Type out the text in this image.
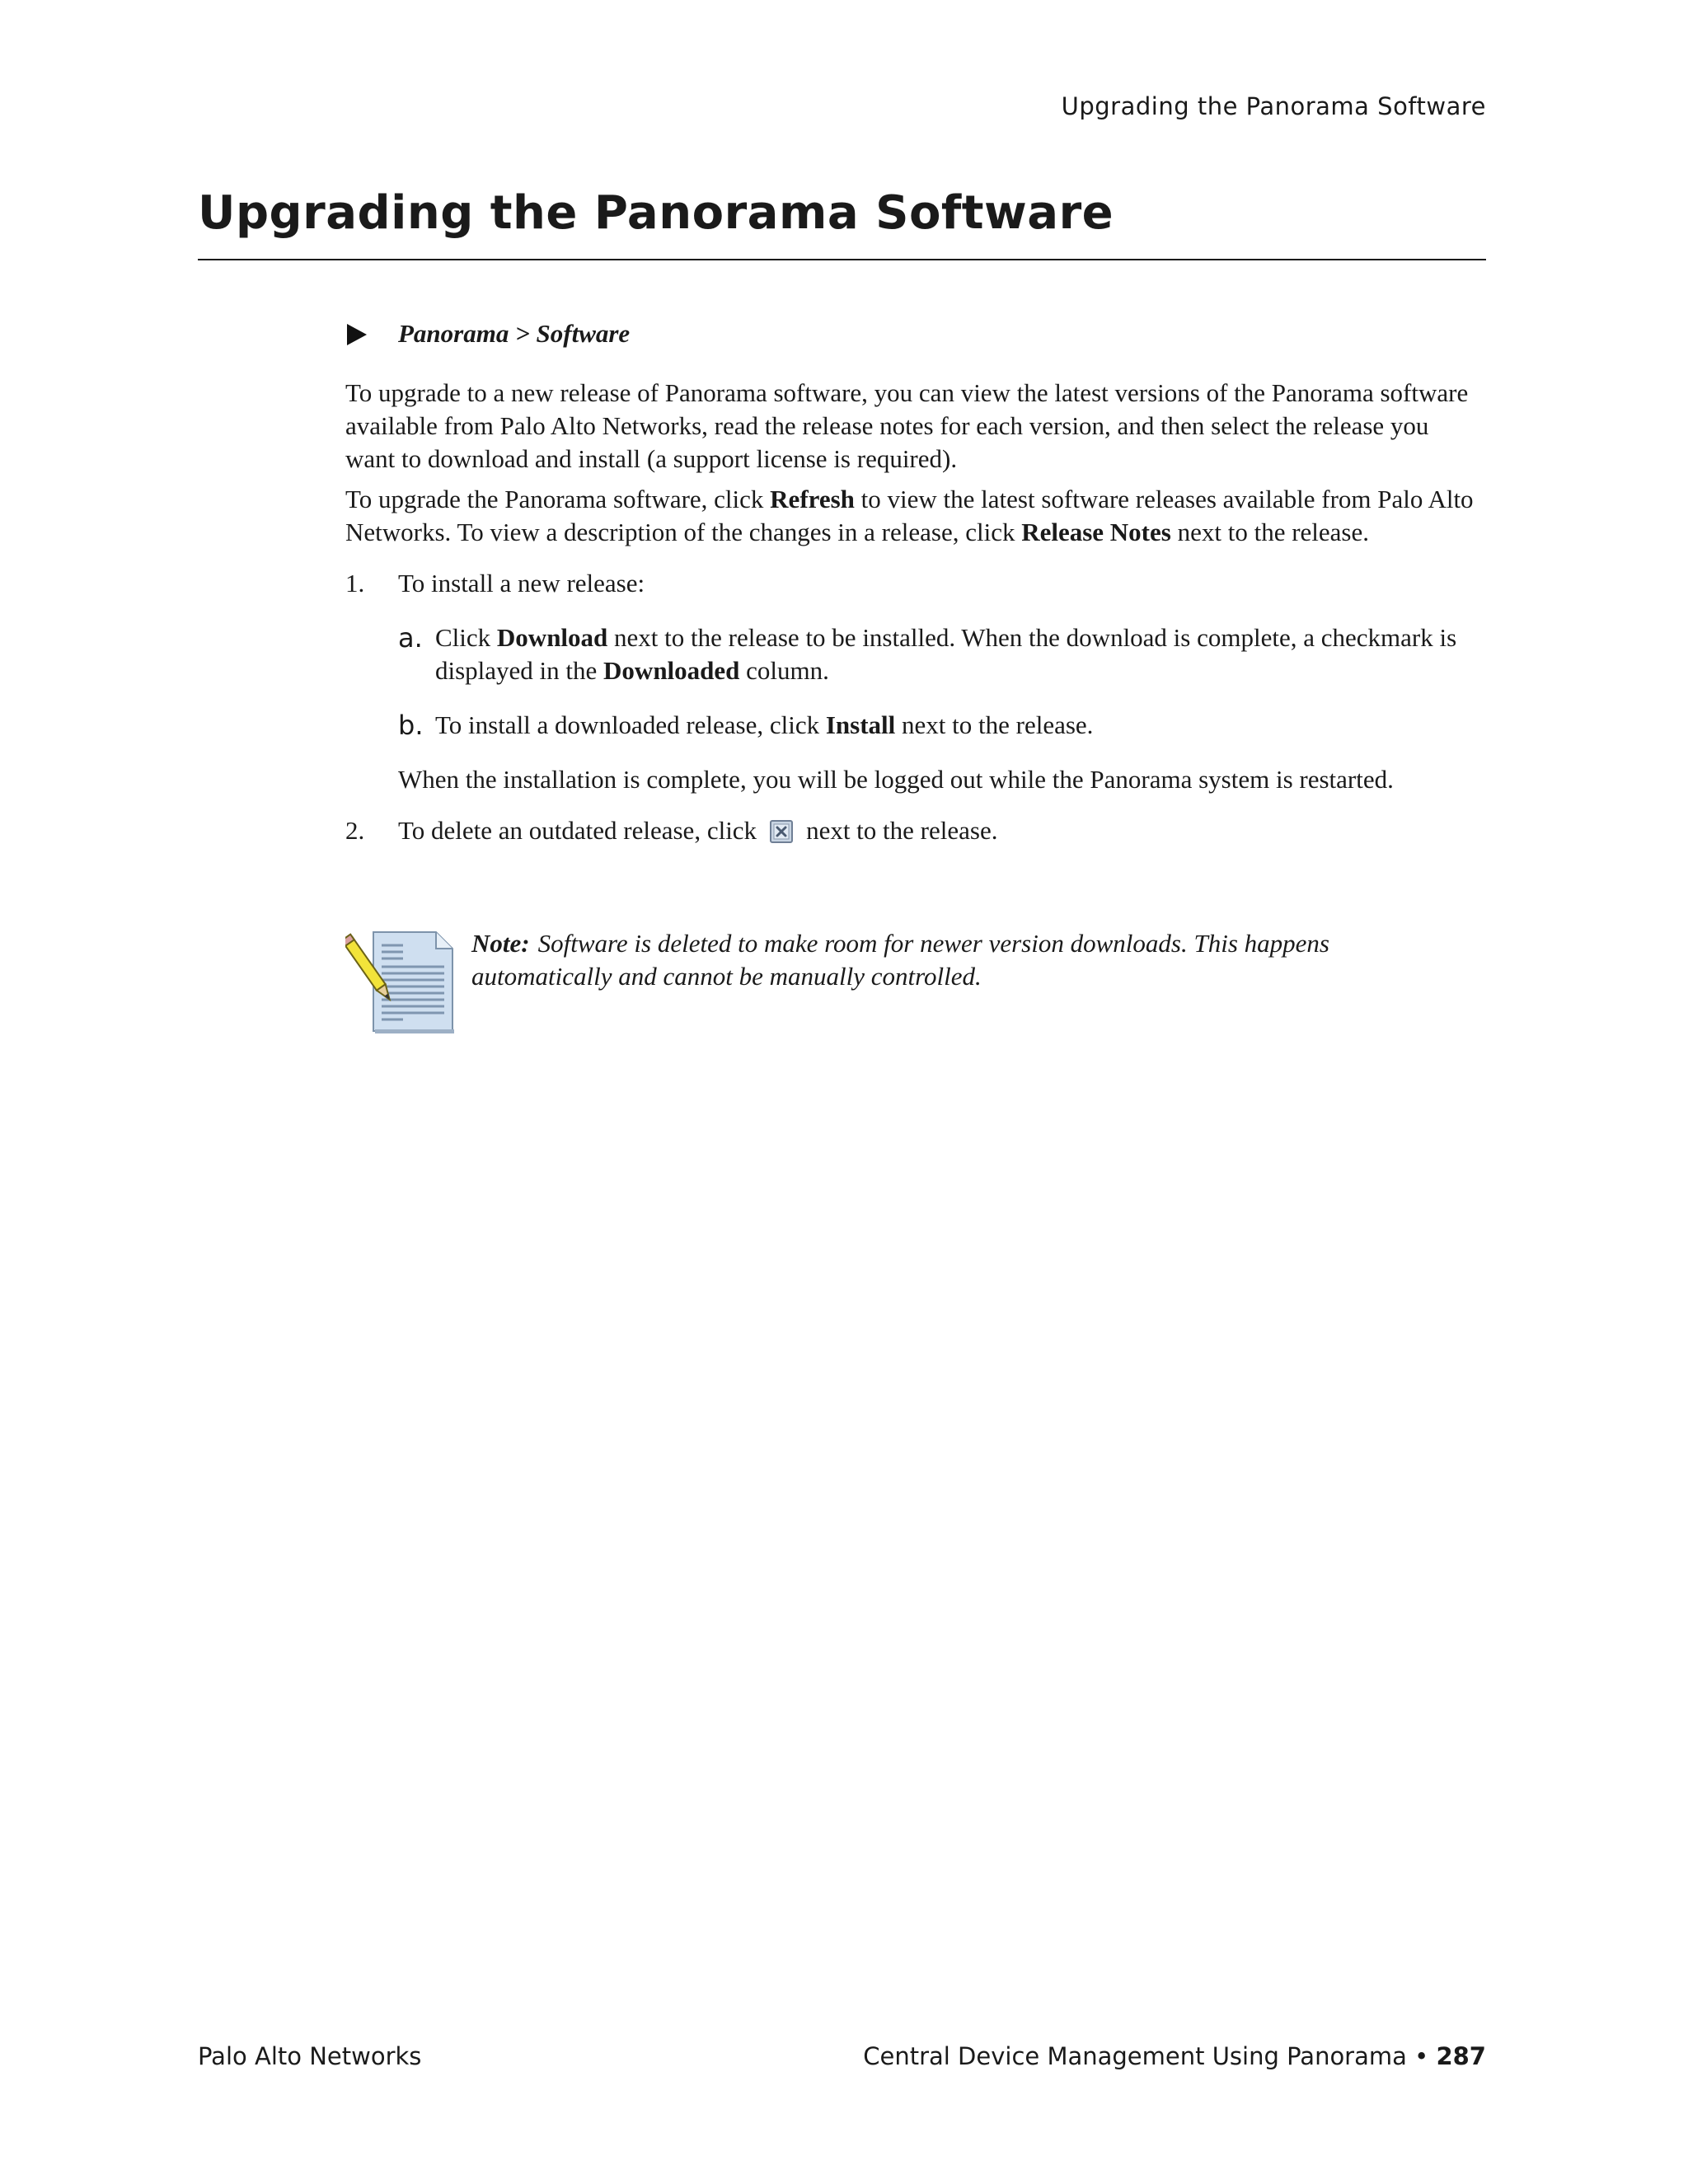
Upgrading the Panorama Software
Upgrading the Panorama Software
Panorama > Software

To upgrade to a new release of Panorama software, you can view the latest versions of the Panorama software available from Palo Alto Networks, read the release notes for each version, and then select the release you want to download and install (a support license is required).

To upgrade the Panorama software, click Refresh to view the latest software releases available from Palo Alto Networks. To view a description of the changes in a release, click Release Notes next to the release.

1. To install a new release:

a. Click Download next to the release to be installed. When the download is complete, a checkmark is displayed in the Downloaded column.

b. To install a downloaded release, click Install next to the release.

When the installation is complete, you will be logged out while the Panorama system is restarted.

2. To delete an outdated release, click next to the release.

Note: Software is deleted to make room for newer version downloads. This happens automatically and cannot be manually controlled.

Palo Alto Networks	Central Device Management Using Panorama • 287
